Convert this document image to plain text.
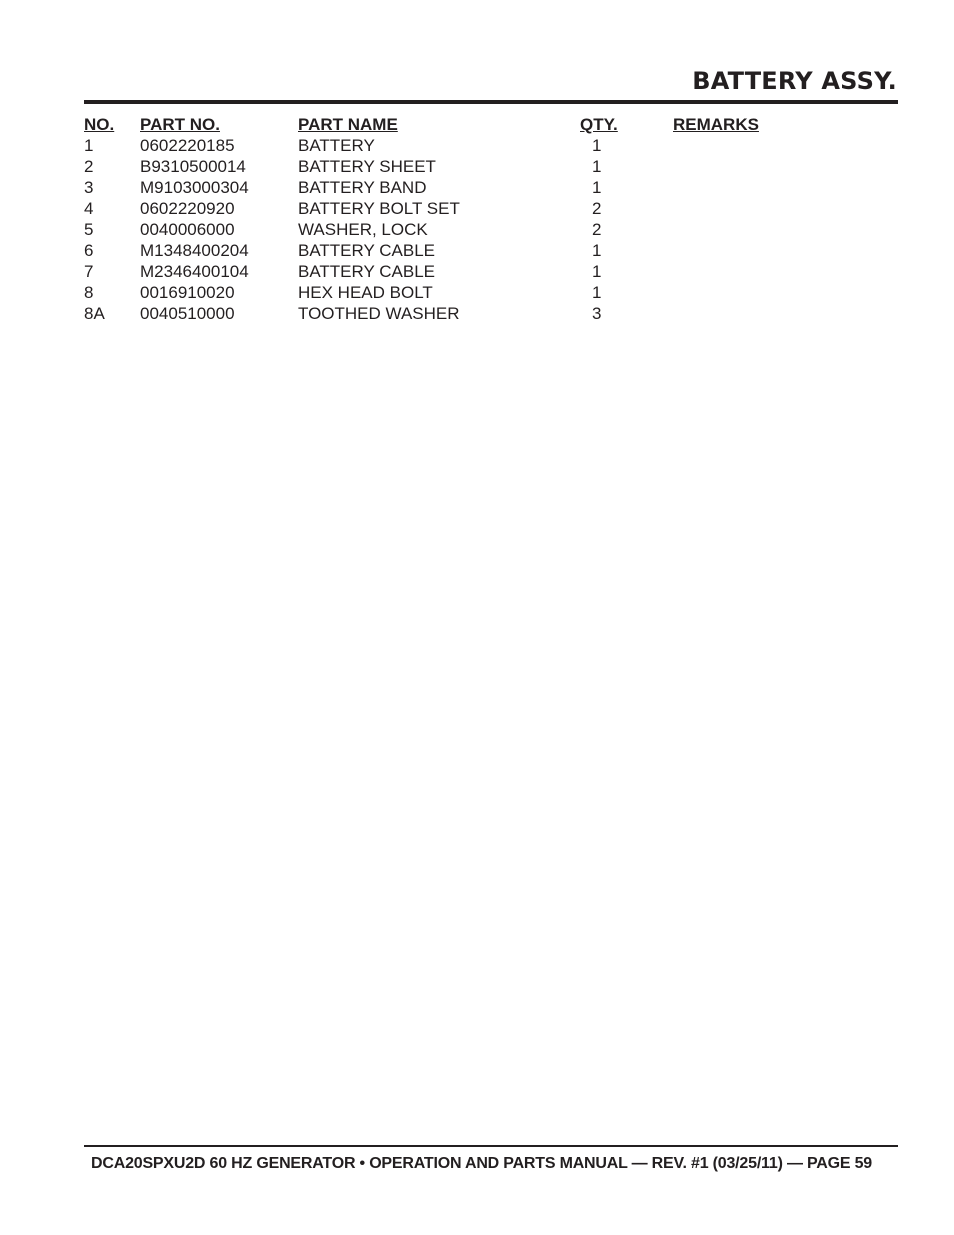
BATTERY ASSY.
NO.	PART NO.	PART NAME	QTY.	REMARKS
1	0602220185	BATTERY	1	
2	B9310500014	BATTERY SHEET	1	
3	M9103000304	BATTERY BAND	1	
4	0602220920	BATTERY BOLT SET	2	
5	0040006000	WASHER, LOCK	2	
6	M1348400204	BATTERY CABLE	1	
7	M2346400104	BATTERY CABLE	1	
8	0016910020	HEX HEAD BOLT	1	
8A	0040510000	TOOTHED WASHER	3	

DCA20SPXU2D 60 HZ GENERATOR • OPERATION AND PARTS MANUAL — REV. #1 (03/25/11) — PAGE 59
